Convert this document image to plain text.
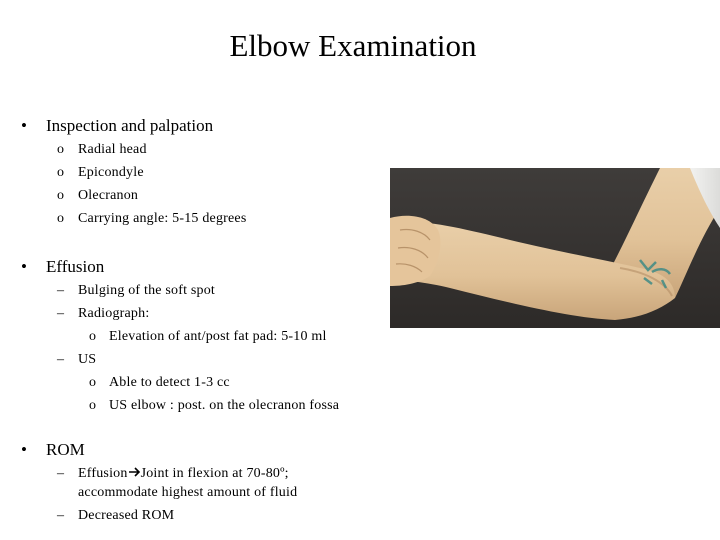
Elbow Examination
• Inspection and palpation
o Radial head
o Epicondyle
o Olecranon
o Carrying angle: 5-15 degrees
• Effusion
– Bulging of the soft spot
– Radiograph:
o Elevation of ant/post fat pad: 5-10 ml
– US
o Able to detect 1-3 cc
o US elbow : post. on the olecranon fossa
• ROM
– Effusion Joint in flexion at 70-80º;
accommodate highest amount of fluid
– Decreased ROM
